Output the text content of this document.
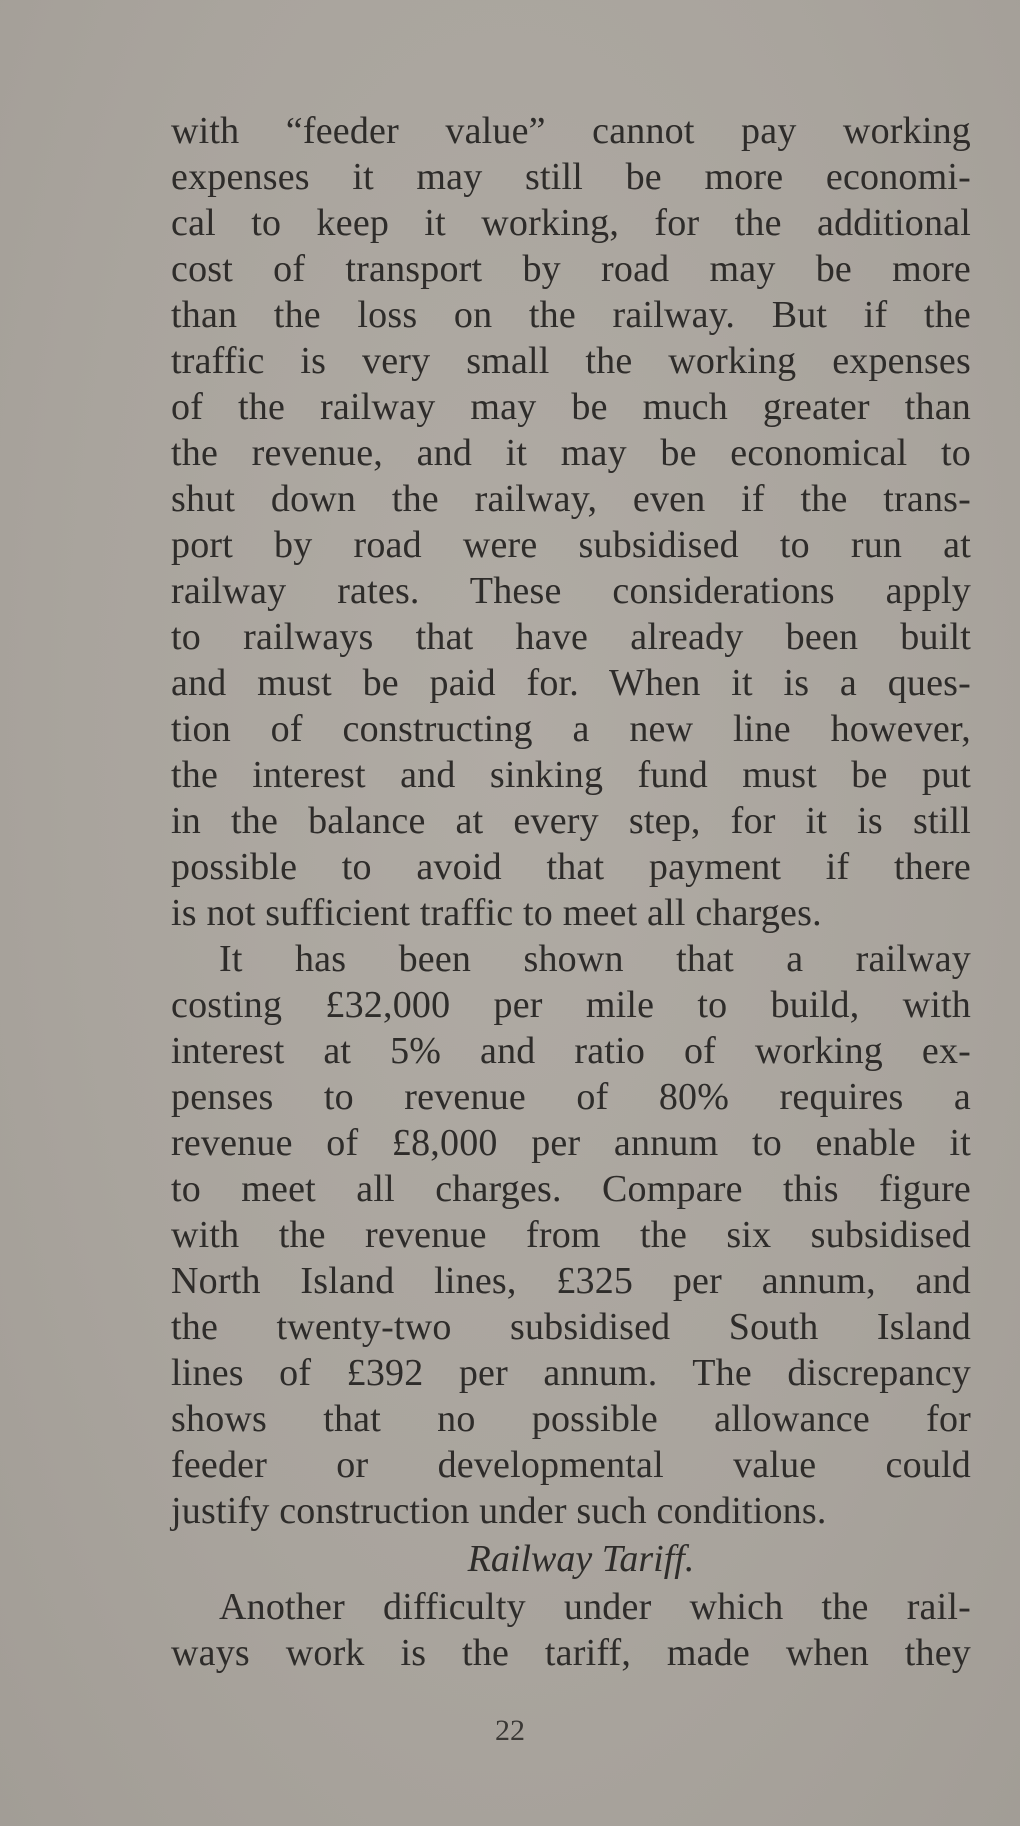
with “feeder value” cannot pay working
expenses it may still be more economi-
cal to keep it working, for the additional
cost of transport by road may be more
than the loss on the railway. But if the
traffic is very small the working expenses
of the railway may be much greater than
the revenue, and it may be economical to
shut down the railway, even if the trans-
port by road were subsidised to run at
railway rates. These considerations apply
to railways that have already been built
and must be paid for. When it is a ques-
tion of constructing a new line however,
the interest and sinking fund must be put
in the balance at every step, for it is still
possible to avoid that payment if there
is not sufficient traffic to meet all charges.
It has been shown that a railway
costing £32,000 per mile to build, with
interest at 5% and ratio of working ex-
penses to revenue of 80% requires a
revenue of £8,000 per annum to enable it
to meet all charges. Compare this figure
with the revenue from the six subsidised
North Island lines, £325 per annum, and
the twenty-two subsidised South Island
lines of £392 per annum. The discrepancy
shows that no possible allowance for
feeder or developmental value could
justify construction under such conditions.
Railway Tariff.
Another difficulty under which the rail-
ways work is the tariff, made when they
22
